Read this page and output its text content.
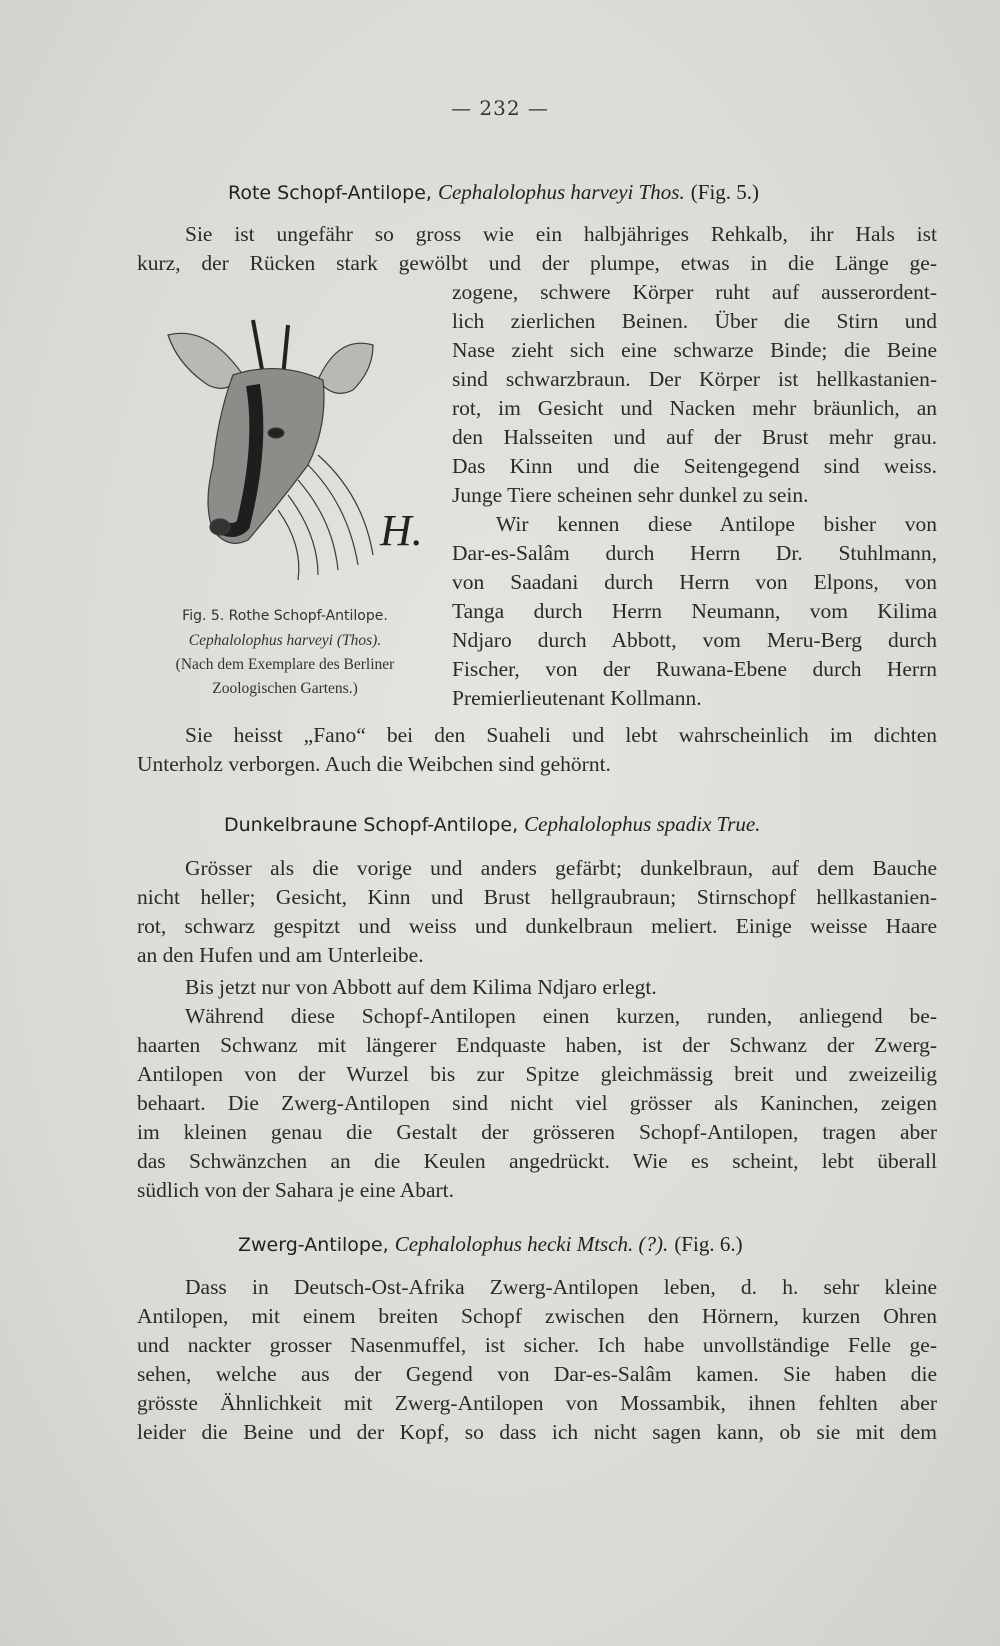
— 232 —
Rote Schopf-Antilope, Cephalolophus harveyi Thos. (Fig. 5.)
Sie ist ungefähr so gross wie ein halbjähriges Rehkalb, ihr Hals ist
kurz, der Rücken stark gewölbt und der plumpe, etwas in die Länge ge-
H.
zogene, schwere Körper ruht auf ausserordent-
lich zierlichen Beinen. Über die Stirn und
Nase zieht sich eine schwarze Binde; die Beine
sind schwarzbraun. Der Körper ist hellkastanien-
rot, im Gesicht und Nacken mehr bräunlich, an
den Halsseiten und auf der Brust mehr grau.
Das Kinn und die Seitengegend sind weiss.
Junge Tiere scheinen sehr dunkel zu sein.
Wir kennen diese Antilope bisher von
Dar-es-Salâm durch Herrn Dr. Stuhlmann,
von Saadani durch Herrn von Elpons, von
Tanga durch Herrn Neumann, vom Kilima
Ndjaro durch Abbott, vom Meru-Berg durch
Fischer, von der Ruwana-Ebene durch Herrn
Premierlieutenant Kollmann.
Fig. 5. Rothe Schopf-Antilope.
Cephalolophus harveyi (Thos).
(Nach dem Exemplare des Berliner
Zoologischen Gartens.)
Sie heisst „Fano“ bei den Suaheli und lebt wahrscheinlich im dichten
Unterholz verborgen. Auch die Weibchen sind gehörnt.
Dunkelbraune Schopf-Antilope, Cephalolophus spadix True.
Grösser als die vorige und anders gefärbt; dunkelbraun, auf dem Bauche
nicht heller; Gesicht, Kinn und Brust hellgraubraun; Stirnschopf hellkastanien-
rot, schwarz gespitzt und weiss und dunkelbraun meliert. Einige weisse Haare
an den Hufen und am Unterleibe.
Bis jetzt nur von Abbott auf dem Kilima Ndjaro erlegt.
Während diese Schopf-Antilopen einen kurzen, runden, anliegend be-
haarten Schwanz mit längerer Endquaste haben, ist der Schwanz der Zwerg-
Antilopen von der Wurzel bis zur Spitze gleichmässig breit und zweizeilig
behaart. Die Zwerg-Antilopen sind nicht viel grösser als Kaninchen, zeigen
im kleinen genau die Gestalt der grösseren Schopf-Antilopen, tragen aber
das Schwänzchen an die Keulen angedrückt. Wie es scheint, lebt überall
südlich von der Sahara je eine Abart.
Zwerg-Antilope, Cephalolophus hecki Mtsch. (?). (Fig. 6.)
Dass in Deutsch-Ost-Afrika Zwerg-Antilopen leben, d. h. sehr kleine
Antilopen, mit einem breiten Schopf zwischen den Hörnern, kurzen Ohren
und nackter grosser Nasenmuffel, ist sicher. Ich habe unvollständige Felle ge-
sehen, welche aus der Gegend von Dar-es-Salâm kamen. Sie haben die
grösste Ähnlichkeit mit Zwerg-Antilopen von Mossambik, ihnen fehlten aber
leider die Beine und der Kopf, so dass ich nicht sagen kann, ob sie mit dem
